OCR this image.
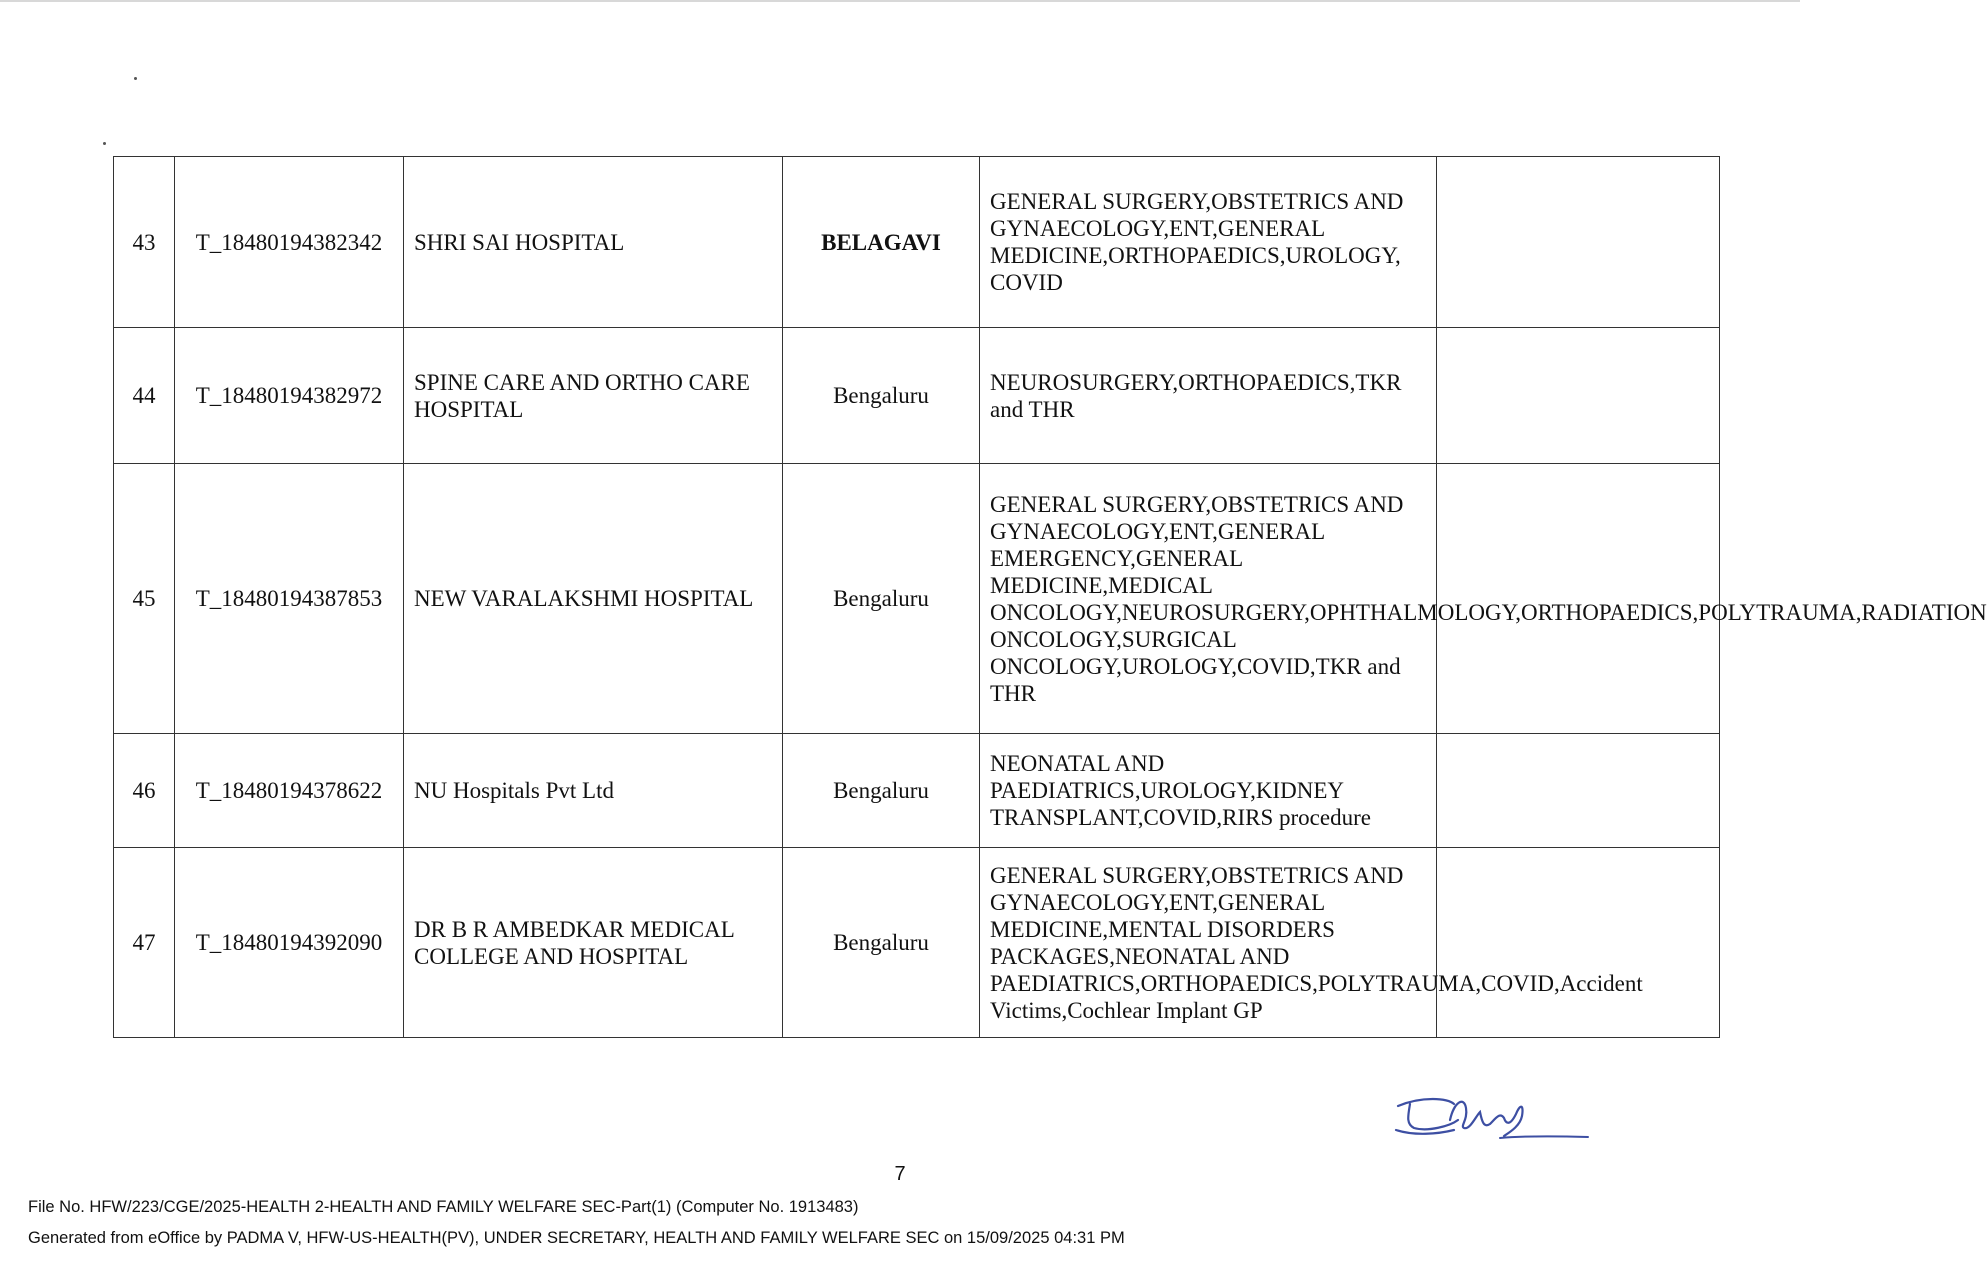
43	T_18480194382342	SHRI SAI HOSPITAL	BELAGAVI	GENERAL SURGERY,OBSTETRICS AND GYNAECOLOGY,ENT,GENERAL MEDICINE,ORTHOPAEDICS,UROLOGY, COVID	
44	T_18480194382972	SPINE CARE AND ORTHO CARE HOSPITAL	Bengaluru	NEUROSURGERY,ORTHOPAEDICS,TKR and THR	
45	T_18480194387853	NEW VARALAKSHMI HOSPITAL	Bengaluru	GENERAL SURGERY,OBSTETRICS AND GYNAECOLOGY,ENT,GENERAL EMERGENCY,GENERAL MEDICINE,MEDICAL ONCOLOGY,NEUROSURGERY,OPHTHALMOLOGY,ORTHOPAEDICS,POLYTRAUMA,RADIATION ONCOLOGY,SURGICAL ONCOLOGY,UROLOGY,COVID,TKR and THR	
46	T_18480194378622	NU Hospitals Pvt Ltd	Bengaluru	NEONATAL AND PAEDIATRICS,UROLOGY,KIDNEY TRANSPLANT,COVID,RIRS procedure	
47	T_18480194392090	DR B R AMBEDKAR MEDICAL COLLEGE AND HOSPITAL	Bengaluru	GENERAL SURGERY,OBSTETRICS AND GYNAECOLOGY,ENT,GENERAL MEDICINE,MENTAL DISORDERS PACKAGES,NEONATAL AND PAEDIATRICS,ORTHOPAEDICS,POLYTRAUMA,COVID,Accident Victims,Cochlear Implant GP	
7
File No. HFW/223/CGE/2025-HEALTH 2-HEALTH AND FAMILY WELFARE SEC-Part(1) (Computer No. 1913483)
Generated from eOffice by PADMA V, HFW-US-HEALTH(PV), UNDER SECRETARY, HEALTH AND FAMILY WELFARE SEC on 15/09/2025 04:31 PM
